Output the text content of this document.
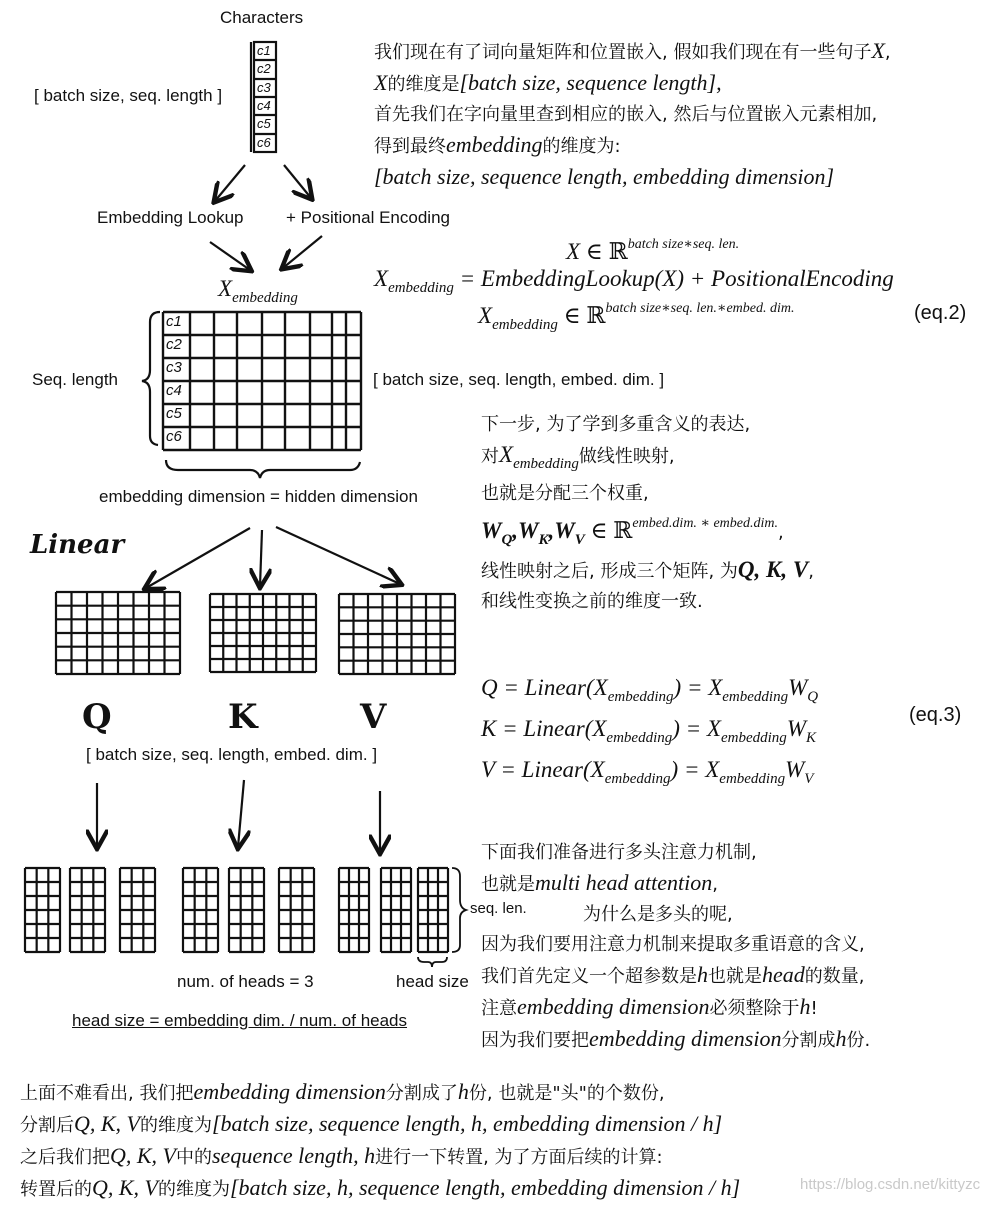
Characters
[ batch size, seq. length ]
c1
c2
c3
c4
c5
c6
Embedding Lookup + Positional Encoding
$X_{embedding}$
c1
c2
c3
c4
c5
c6
Seq. length	[ batch size, seq. length, embed. dim. ]
embedding dimension = hidden dimension
Linear
Q	K	V
[ batch size, seq. length, embed. dim. ]
seq. len.
num. of heads = 3	head size
head size = embedding dim. / num. of heads
我们现在有了词向量矩阵和位置嵌入, 假如我们现在有一些句子X,
X的维度是[batch size, sequence length],
首先我们在字向量里查到相应的嵌入, 然后与位置嵌入元素相加,
得到最终embedding的维度为:
[batch size, sequence length, embedding dimension]
X ∈ ℝ$^{batch size∗seq. len.}$
$X_{embedding}$ = EmbeddingLookup(X) + PositionalEncoding
$X_{embedding}$ ∈ ℝ$^{batch size∗seq. len.∗embed. dim.}$	(eq.2)
下一步, 为了学到多重含义的表达,
对$X_{embedding}$做线性映射,
也就是分配三个权重,
$W_Q,W_K,W_V$ ∈ ℝ$^{embed.dim. ∗ embed.dim.}$,
线性映射之后, 形成三个矩阵, 为Q, K, V,
和线性变换之前的维度一致.
$Q = Linear(X_{embedding}) = X_{embedding}W_Q$
$K = Linear(X_{embedding}) = X_{embedding}W_K$
$V = Linear(X_{embedding}) = X_{embedding}W_V$
(eq.3)
下面我们准备进行多头注意力机制,
也就是multi head attention,
为什么是多头的呢,
因为我们要用注意力机制来提取多重语意的含义,
我们首先定义一个超参数是h也就是head的数量,
注意embedding dimension必须整除于h!
因为我们要把embedding dimension分割成h份.
上面不难看出, 我们把embedding dimension分割成了h份, 也就是"头"的个数份,
分割后Q, K, V的维度为[batch size, sequence length, h, embedding dimension / h]
之后我们把Q, K, V中的sequence length, h进行一下转置, 为了方面后续的计算:
转置后的Q, K, V的维度为[batch size, h, sequence length, embedding dimension / h]	https://blog.csdn.net/kittyzc
